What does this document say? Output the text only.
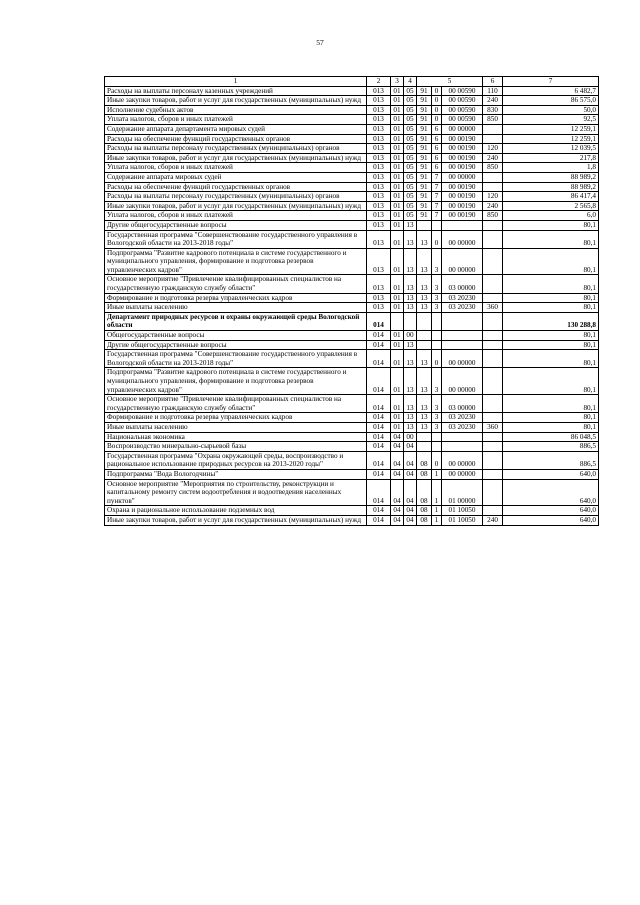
57
1	2	3	4	5			6	7
Расходы на выплаты персоналу казенных учреждений	013	01	05	91	0	00 00590	110	6 482,7
Иные закупки товаров, работ и услуг для государственных (муниципальных) нужд	013	01	05	91	0	00 00590	240	86 575,0
Исполнение судебных актов	013	01	05	91	0	00 00590	830	50,0
Уплата налогов, сборов и иных платежей	013	01	05	91	0	00 00590	850	92,5
Содержание аппарата департамента мировых судей	013	01	05	91	6	00 00000		12 259,1
Расходы на обеспечение функций государственных органов	013	01	05	91	6	00 00190		12 259,1
Расходы на выплаты персоналу государственных (муниципальных) органов	013	01	05	91	6	00 00190	120	12 039,5
Иные закупки товаров, работ и услуг для государственных (муниципальных) нужд	013	01	05	91	6	00 00190	240	217,8
Уплата налогов, сборов и иных платежей	013	01	05	91	6	00 00190	850	1,8
Содержание аппарата мировых судей	013	01	05	91	7	00 00000		88 989,2
Расходы на обеспечение функций государственных органов	013	01	05	91	7	00 00190		88 989,2
Расходы на выплаты персоналу государственных (муниципальных) органов	013	01	05	91	7	00 00190	120	86 417,4
Иные закупки товаров, работ и услуг для государственных (муниципальных) нужд	013	01	05	91	7	00 00190	240	2 565,8
Уплата налогов, сборов и иных платежей	013	01	05	91	7	00 00190	850	6,0
Другие общегосударственные вопросы	013	01	13					80,1
Государственная программа "Совершенствование государственного управления в Вологодской области на 2013-2018 годы"	013	01	13	13	0	00 00000		80,1
Подпрограмма "Развитие кадрового потенциала в системе государственного и муниципального управления, формирование и подготовка резервов управленческих кадров"	013	01	13	13	3	00 00000		80,1
Основное мероприятие "Привлечение квалифицированных специалистов на государственную гражданскую службу области"	013	01	13	13	3	03 00000		80,1
Формирование и подготовка резерва управленческих кадров	013	01	13	13	3	03 20230		80,1
Иные выплаты населению	013	01	13	13	3	03 20230	360	80,1
Департамент природных ресурсов и охраны окружающей среды Вологодской области	014							130 288,8
Общегосударственные вопросы	014	01	00					80,1
Другие общегосударственные вопросы	014	01	13					80,1
Государственная программа "Совершенствование государственного управления в Вологодской области на 2013-2018 годы"	014	01	13	13	0	00 00000		80,1
Подпрограмма "Развитие кадрового потенциала в системе государственного и муниципального управления, формирование и подготовка резервов управленческих кадров"	014	01	13	13	3	00 00000		80,1
Основное мероприятие "Привлечение квалифицированных специалистов на государственную гражданскую службу области"	014	01	13	13	3	03 00000		80,1
Формирование и подготовка резерва управленческих кадров	014	01	13	13	3	03 20230		80,1
Иные выплаты населению	014	01	13	13	3	03 20230	360	80,1
Национальная экономика	014	04	00					86 048,5
Воспроизводство минерально-сырьевой базы	014	04	04					886,5
Государственная программа "Охрана окружающей среды, воспроизводство и рациональное использование природных ресурсов на 2013-2020 годы"	014	04	04	08	0	00 00000		886,5
Подпрограмма "Вода Вологодчины"	014	04	04	08	1	00 00000		640,0
Основное мероприятие "Мероприятия по строительству, реконструкции и капитальному ремонту систем водоотребления и водоотведения населенных пунктов"	014	04	04	08	1	01 00000		640,0
Охрана и рациональное использование подземных вод	014	04	04	08	1	01 10050		640,0
Иные закупки товаров, работ и услуг для государственных (муниципальных) нужд	014	04	04	08	1	01 10050	240	640,0
